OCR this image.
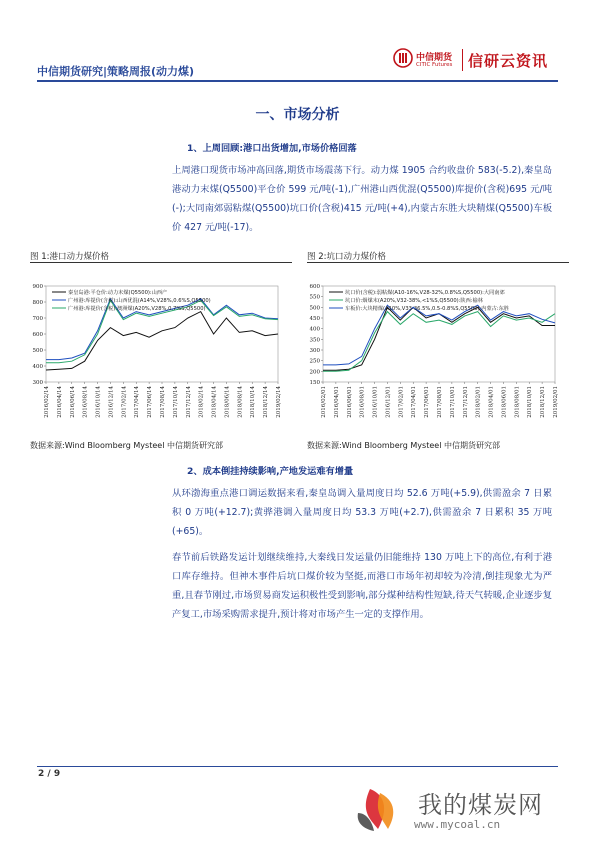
中信期货研究|策略周报(动力煤)
中信期货
CITIC Futures 信研云资讯
一、市场分析
1、上周回顾:港口出货增加,市场价格回落
上周港口现货市场冲高回落,期货市场震荡下行。动力煤 1905 合约收盘价 583(-5.2),秦皇岛港动力末煤(Q5500)平仓价 599 元/吨(-1),广州港山西优混(Q5500)库提价(含税)695 元/吨(-);大同南郊弱粘煤(Q5500)坑口价(含税)415 元/吨(+4),内蒙古东胜大块精煤(Q5500)车板价 427 元/吨(-17)。
图 1:港口动力煤价格
300
400
500
600
700
800
900
2016/02/14 2016/04/14 2016/06/14 2016/08/14 2016/10/14 2016/12/14 2017/02/14 2017/04/14 2017/06/14 2017/08/14 2017/10/14 2017/12/14 2018/02/14 2018/04/14 2018/06/14 2018/08/14 2018/10/14 2018/12/14 2019/02/14
秦皇岛港:平仓价:动力末煤(Q5500):山西产
广州港:库提价(含税):山西优混(A14%,V28%,0.6%S,Q5500)
广州港:库提价(含税):澳洲煤(A20%,V28%,0.7%S,Q5500)
数据来源:Wind Bloomberg Mysteel 中信期货研究部
图 2:坑口动力煤价格
150
200
250
300
350
400
450
500
550
600
2016/02/01 2016/04/01 2016/06/01 2016/08/01 2016/10/01 2016/12/01 2017/02/01 2017/04/01 2017/06/01 2017/08/01 2017/10/01 2017/12/01 2018/02/01 2018/04/01 2018/06/01 2018/08/01 2018/10/01 2018/12/01 2019/02/01
坑口价(含税):弱粘煤(A10-16%,V28-32%,0.8%S,Q5500):大同南郊
坑口价:烟煤末(A20%,V32-38%,<1%S,Q5500):陕西:榆林
车板价:大块精煤(A10%,V33-36.5%,0.5-0.8%S,Q5500):内蒙古:东胜
数据来源:Wind Bloomberg Mysteel 中信期货研究部
2、成本倒挂持续影响,产地发运难有增量
从环渤海重点港口调运数据来看,秦皇岛调入量周度日均 52.6 万吨(+5.9),供需盈余 7 日累积 0 万吨(+12.7);黄骅港调入量周度日均 53.3 万吨(+2.7),供需盈余 7 日累积 35 万吨(+65)。
春节前后铁路发运计划继续维持,大秦线日发运量仍旧能维持 130 万吨上下的高位,有利于港口库存维持。但神木事件后坑口煤价较为坚挺,而港口市场年初却较为冷清,倒挂现象尤为严重,且春节刚过,市场贸易商发运积极性受到影响,部分煤种结构性短缺,待天气转暖,企业逐步复产复工,市场采购需求提升,预计将对市场产生一定的支撑作用。
2 / 9
我的煤炭网
www.mycoal.cn
